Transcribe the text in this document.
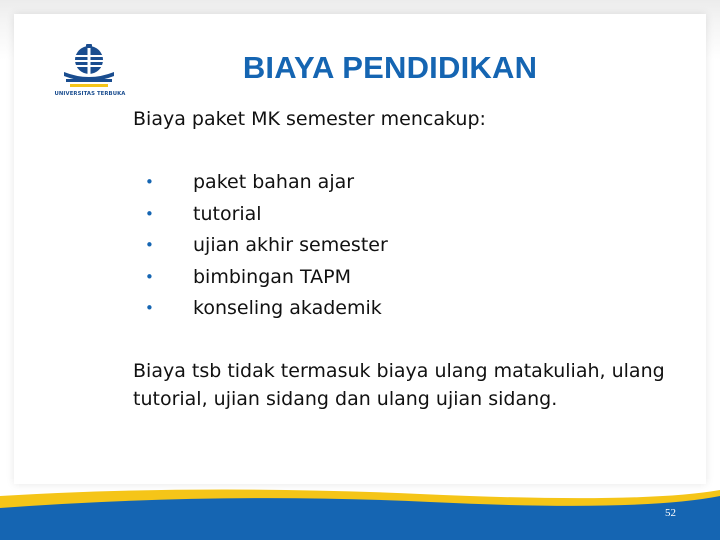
UNIVERSITAS TERBUKA
BIAYA PENDIDIKAN
Biaya paket MK semester mencakup:
• paket bahan ajar
• tutorial
• ujian akhir semester
• bimbingan TAPM
• konseling akademik
Biaya tsb tidak termasuk biaya ulang matakuliah, ulang tutorial, ujian sidang dan ulang ujian sidang.
52
